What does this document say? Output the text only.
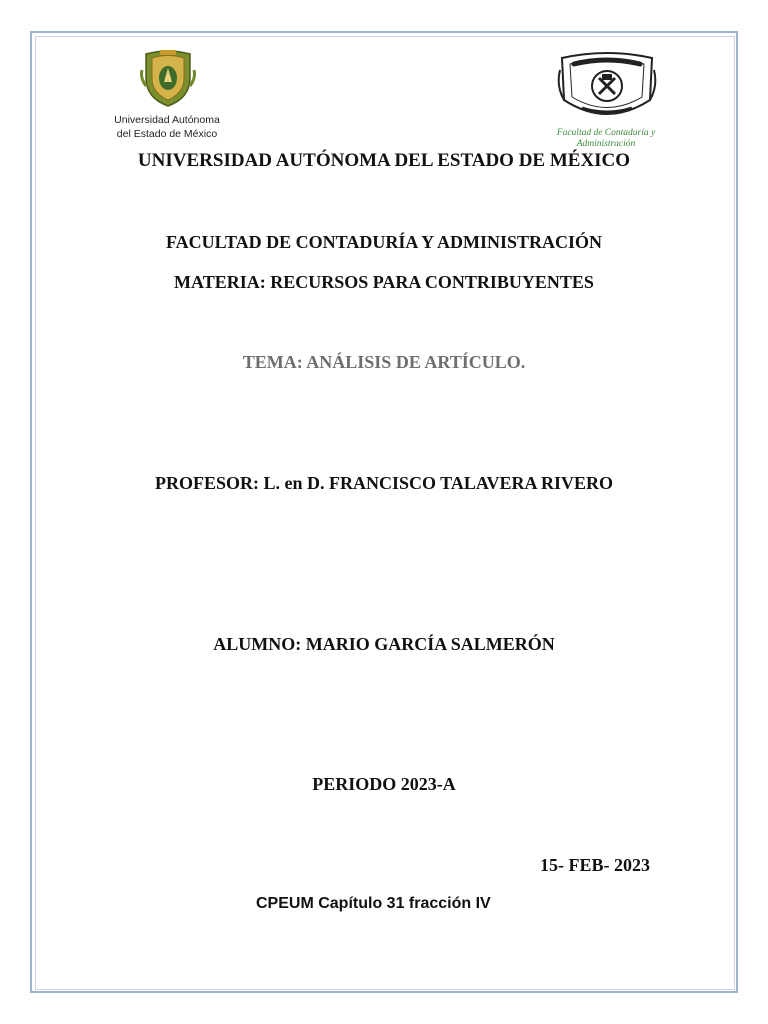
Universidad Autónoma
del Estado de México	Facultad de Contaduría y
Administración
UNIVERSIDAD AUTÓNOMA DEL ESTADO DE MÉXICO
FACULTAD DE CONTADURÍA Y ADMINISTRACIÓN
MATERIA: RECURSOS PARA CONTRIBUYENTES
TEMA: ANÁLISIS DE ARTÍCULO.
PROFESOR: L. en D. FRANCISCO TALAVERA RIVERO
ALUMNO: MARIO GARCÍA SALMERÓN
PERIODO 2023-A
15- FEB- 2023
CPEUM Capítulo 31 fracción IV
